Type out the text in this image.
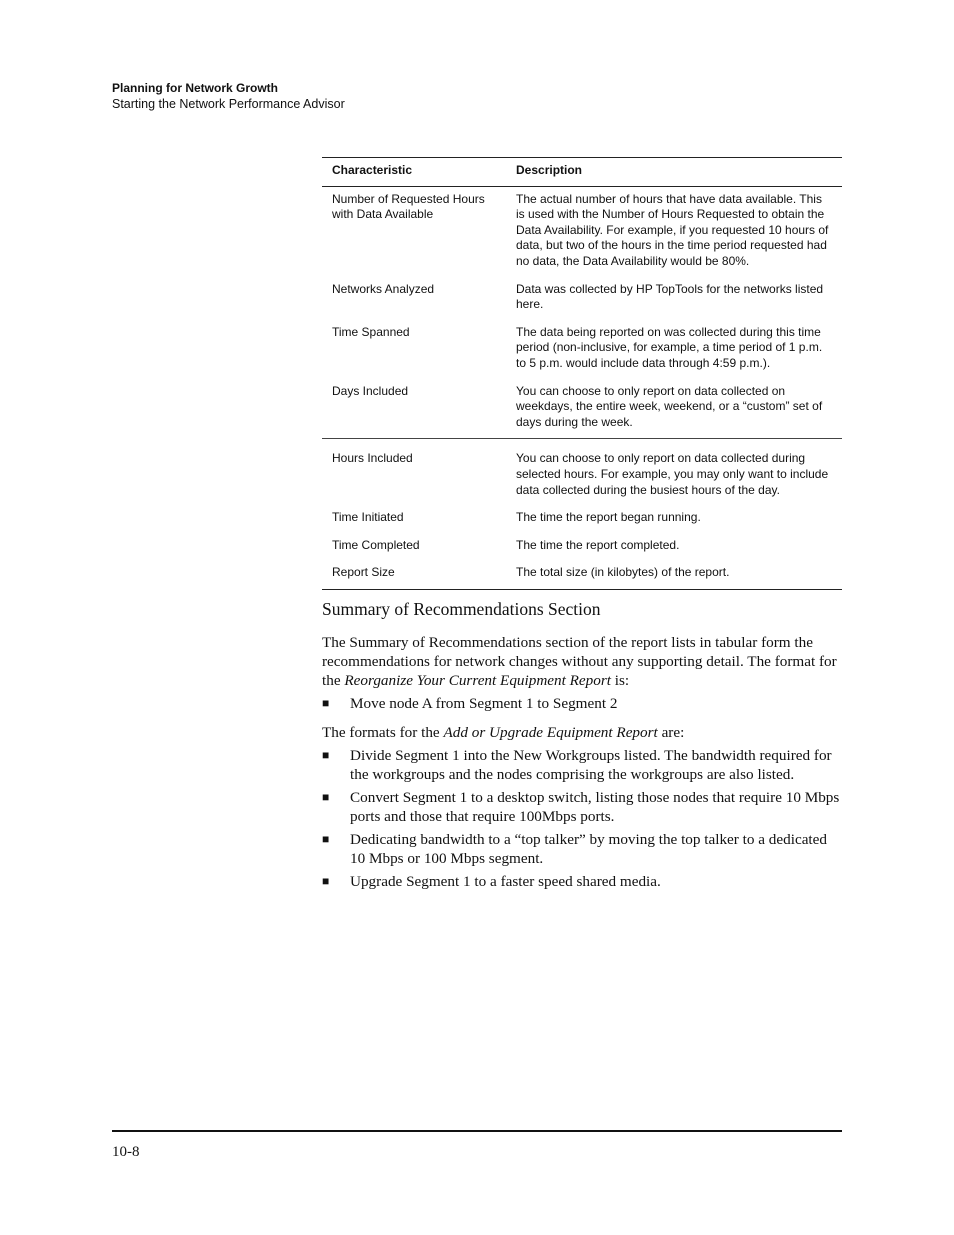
Planning for Network Growth
Starting the Network Performance Advisor
Characteristic	Description
Number of Requested Hours with Data Available	The actual number of hours that have data available. This is used with the Number of Hours Requested to obtain the Data Availability. For example, if you requested 10 hours of data, but two of the hours in the time period requested had no data, the Data Availability would be 80%.
Networks Analyzed	Data was collected by HP TopTools for the networks listed here.
Time Spanned	The data being reported on was collected during this time period (non-inclusive, for example, a time period of 1 p.m. to 5 p.m. would include data through 4:59 p.m.).
Days Included	You can choose to only report on data collected on weekdays, the entire week, weekend, or a “custom” set of days during the week.
Hours Included	You can choose to only report on data collected during selected hours. For example, you may only want to include data collected during the busiest hours of the day.
Time Initiated	The time the report began running.
Time Completed	The time the report completed.
Report Size	The total size (in kilobytes) of the report.
Summary of Recommendations Section

The Summary of Recommendations section of the report lists in tabular form the recommendations for network changes without any supporting detail. The format for the Reorganize Your Current Equipment Report is:

■ Move node A from Segment 1 to Segment 2

The formats for the Add or Upgrade Equipment Report are:

■ Divide Segment 1 into the New Workgroups listed. The bandwidth required for the workgroups and the nodes comprising the workgroups are also listed.
■ Convert Segment 1 to a desktop switch, listing those nodes that require 10 Mbps ports and those that require 100Mbps ports.
■ Dedicating bandwidth to a “top talker” by moving the top talker to a dedicated 10 Mbps or 100 Mbps segment.
■ Upgrade Segment 1 to a faster speed shared media.
10-8
